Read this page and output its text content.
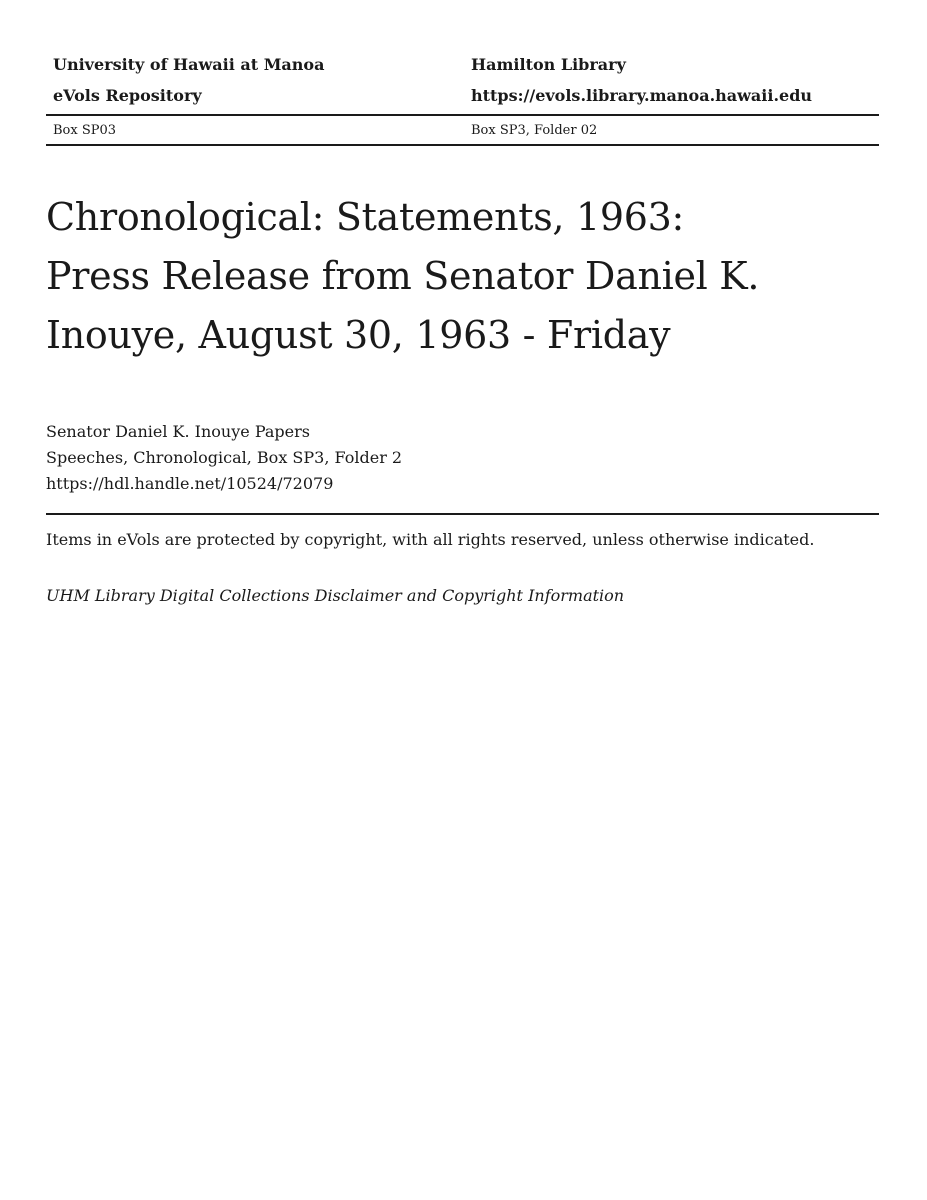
University of Hawaii at Manoa	Hamilton Library
eVols Repository	https://evols.library.manoa.hawaii.edu
Box SP03	Box SP3, Folder 02
Chronological: Statements, 1963:
Press Release from Senator Daniel K.
Inouye, August 30, 1963 - Friday
Senator Daniel K. Inouye Papers
Speeches, Chronological, Box SP3, Folder 2
https://hdl.handle.net/10524/72079
Items in eVols are protected by copyright, with all rights reserved, unless otherwise indicated.
UHM Library Digital Collections Disclaimer and Copyright Information
